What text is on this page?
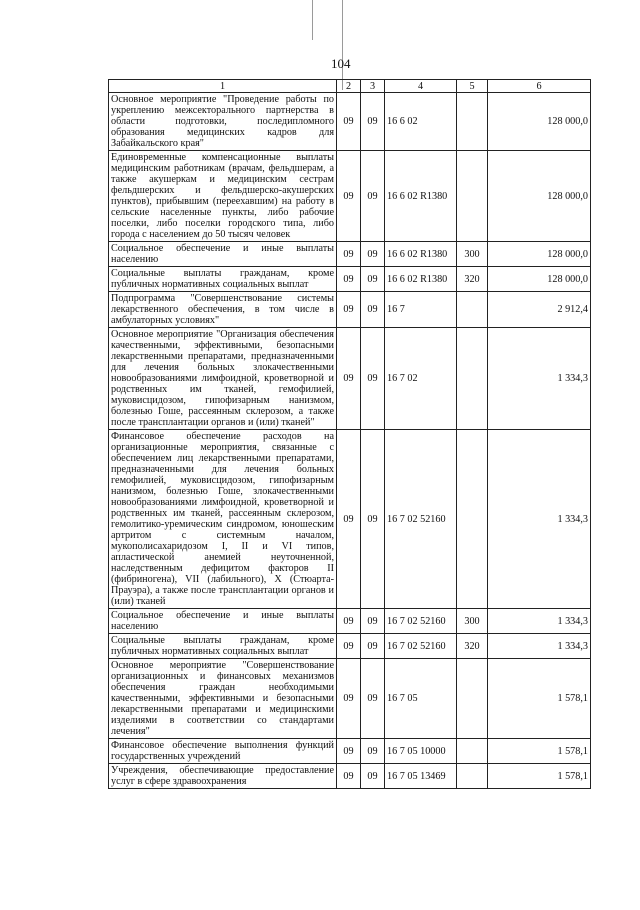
104
1	2	3	4	5	6
Основное мероприятие "Проведение работы по укреплению межсекторального партнерства в области подготовки, последипломного образования медицинских кадров для Забайкальского края"	09	09	16 6 02		128 000,0
Единовременные компенсационные выплаты медицинским работникам (врачам, фельдшерам, а также акушеркам и медицинским сестрам фельдшерских и фельдшерско-акушерских пунктов), прибывшим (переехавшим) на работу в сельские населенные пункты, либо рабочие поселки, либо поселки городского типа, либо города с населением до 50 тысяч человек	09	09	16 6 02 R1380		128 000,0
Социальное обеспечение и иные выплаты населению	09	09	16 6 02 R1380	300	128 000,0
Социальные выплаты гражданам, кроме публичных нормативных социальных выплат	09	09	16 6 02 R1380	320	128 000,0
Подпрограмма "Совершенствование системы лекарственного обеспечения, в том числе в амбулаторных условиях"	09	09	16 7		2 912,4
Основное мероприятие "Организация обеспечения качественными, эффективными, безопасными лекарственными препаратами, предназначенными для лечения больных злокачественными новообразованиями лимфоидной, кроветворной и родственных им тканей, гемофилией, муковисцидозом, гипофизарным нанизмом, болезнью Гоше, рассеянным склерозом, а также после трансплантации органов и (или) тканей"	09	09	16 7 02		1 334,3
Финансовое обеспечение расходов на организационные мероприятия, связанные с обеспечением лиц лекарственными препаратами, предназначенными для лечения больных гемофилией, муковисцидозом, гипофизарным нанизмом, болезнью Гоше, злокачественными новообразованиями лимфоидной, кроветворной и родственных им тканей, рассеянным склерозом, гемолитико-уремическим синдромом, юношеским артритом с системным началом, мукополисахаридозом I, II и VI типов, апластической анемией неуточненной, наследственным дефицитом факторов II (фибриногена), VII (лабильного), X (Стюарта-Прауэра), а также после трансплантации органов и (или) тканей	09	09	16 7 02 52160		1 334,3
Социальное обеспечение и иные выплаты населению	09	09	16 7 02 52160	300	1 334,3
Социальные выплаты гражданам, кроме публичных нормативных социальных выплат	09	09	16 7 02 52160	320	1 334,3
Основное мероприятие "Совершенствование организационных и финансовых механизмов обеспечения граждан необходимыми качественными, эффективными и безопасными лекарственными препаратами и медицинскими изделиями в соответствии со стандартами лечения"	09	09	16 7 05		1 578,1
Финансовое обеспечение выполнения функций государственных учреждений	09	09	16 7 05 10000		1 578,1
Учреждения, обеспечивающие предоставление услуг в сфере здравоохранения	09	09	16 7 05 13469		1 578,1
